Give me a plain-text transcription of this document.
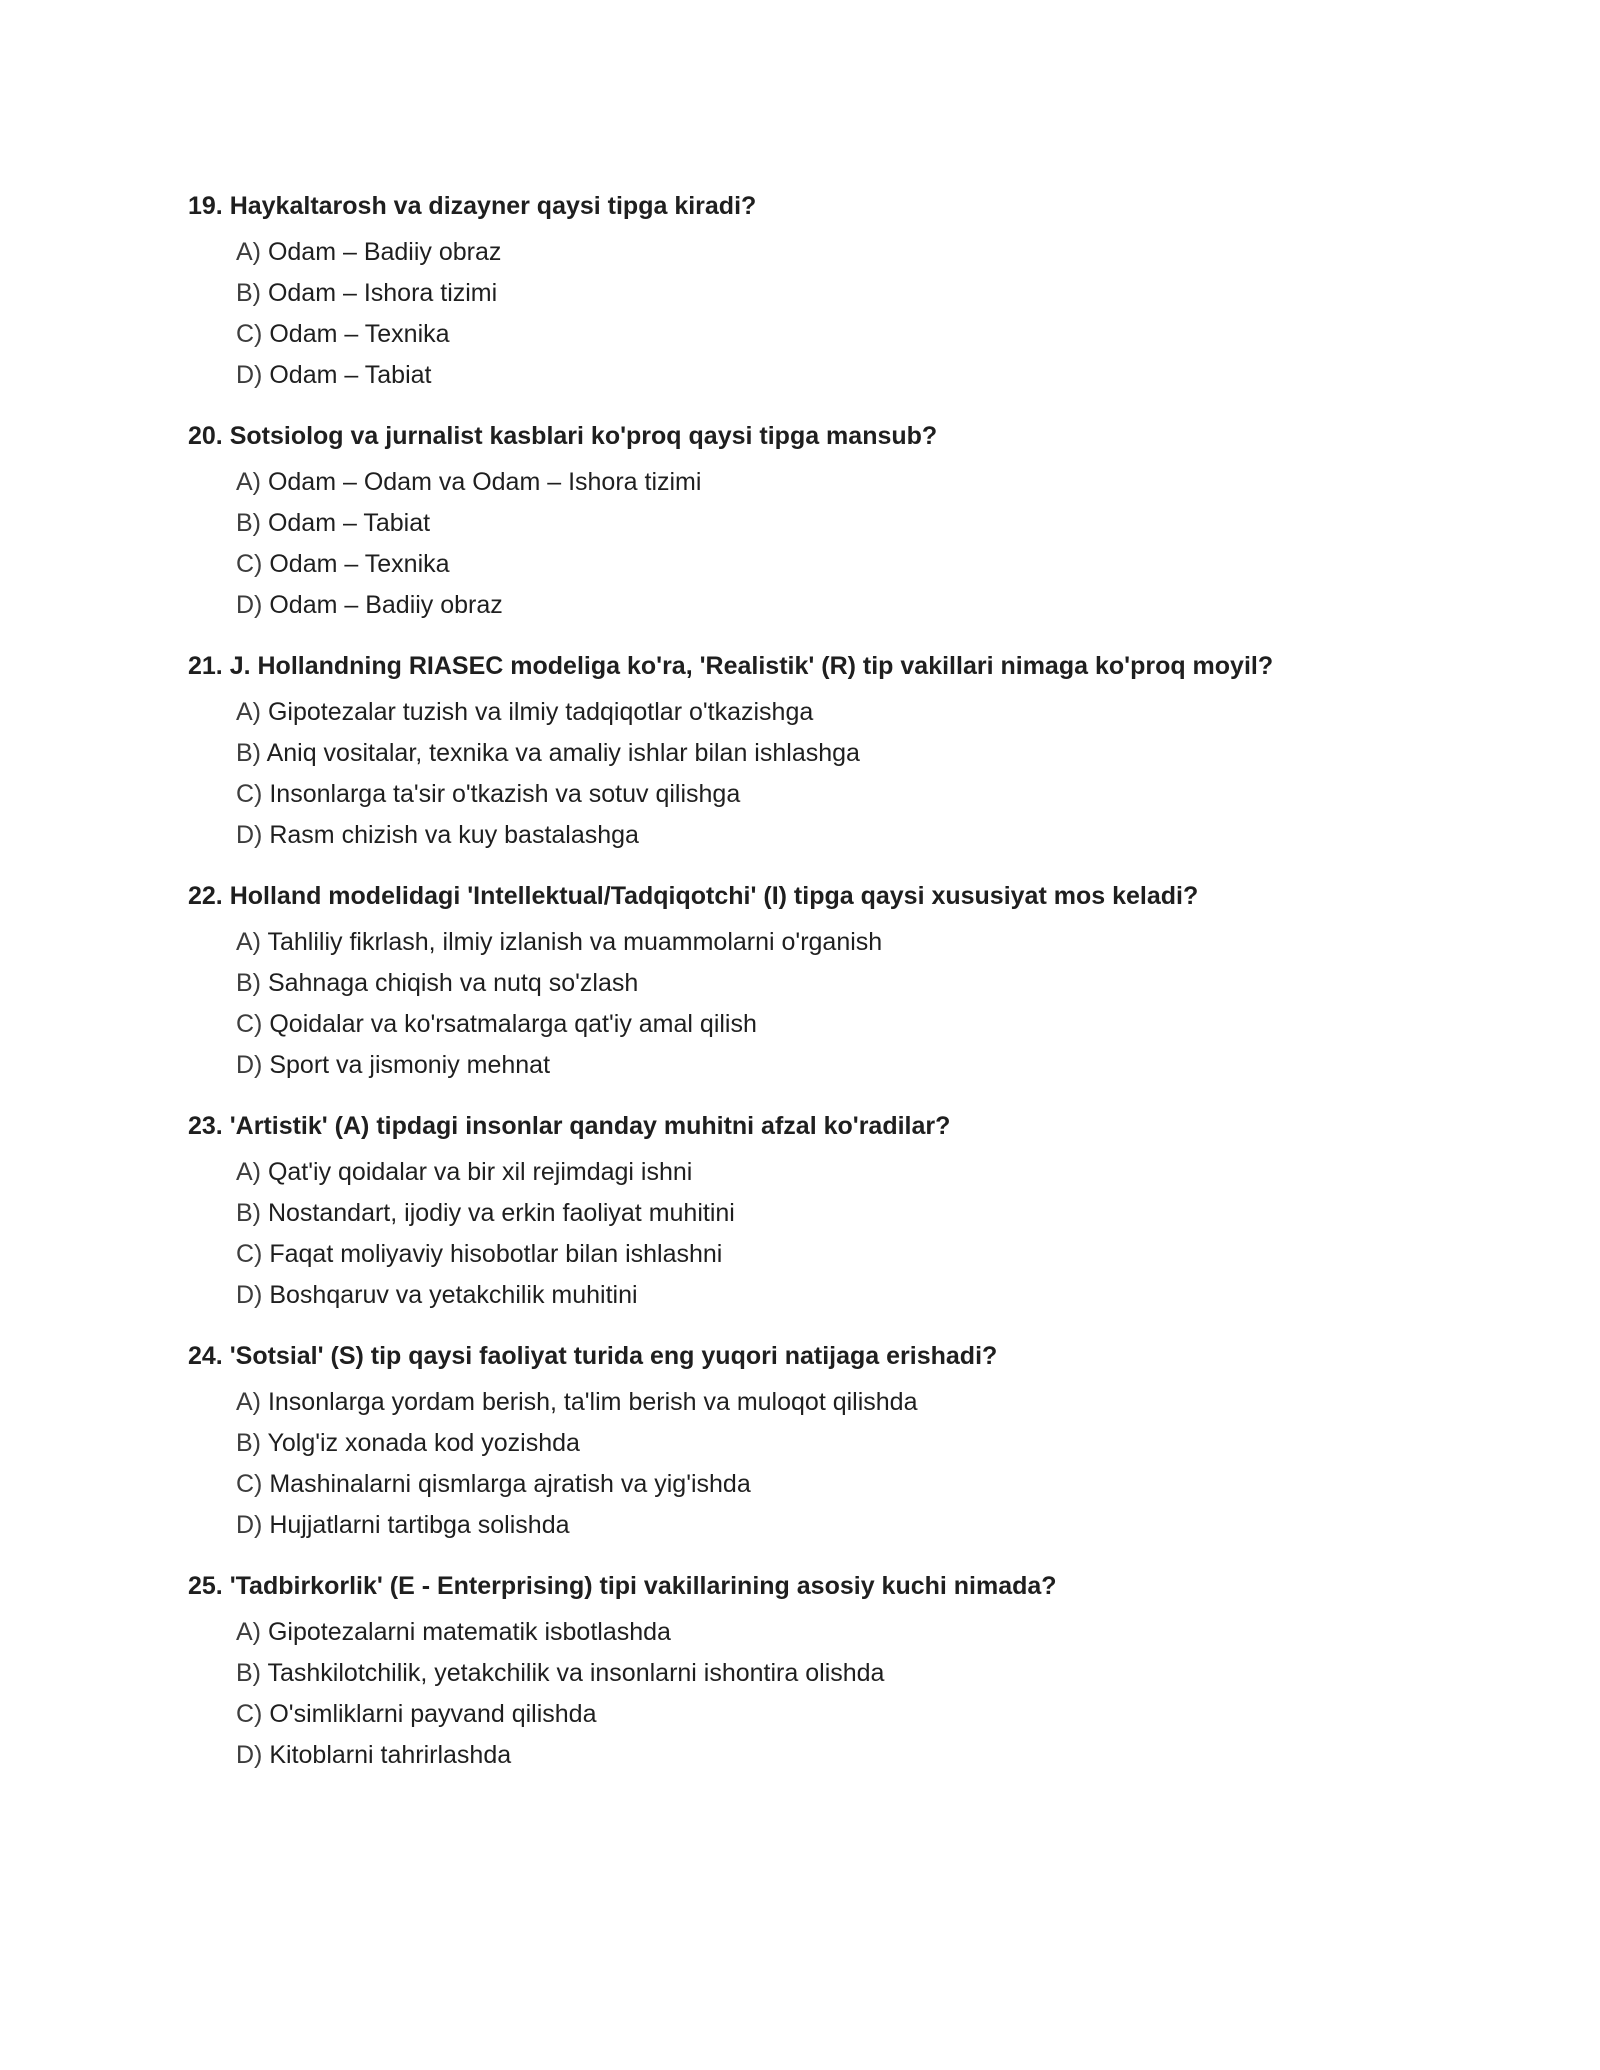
19. Haykaltarosh va dizayner qaysi tipga kiradi?

A) Odam – Badiiy obraz
B) Odam – Ishora tizimi
C) Odam – Texnika
D) Odam – Tabiat

20. Sotsiolog va jurnalist kasblari ko'proq qaysi tipga mansub?

A) Odam – Odam va Odam – Ishora tizimi
B) Odam – Tabiat
C) Odam – Texnika
D) Odam – Badiiy obraz

21. J. Hollandning RIASEC modeliga ko'ra, 'Realistik' (R) tip vakillari nimaga ko'proq moyil?

A) Gipotezalar tuzish va ilmiy tadqiqotlar o'tkazishga
B) Aniq vositalar, texnika va amaliy ishlar bilan ishlashga
C) Insonlarga ta'sir o'tkazish va sotuv qilishga
D) Rasm chizish va kuy bastalashga

22. Holland modelidagi 'Intellektual/Tadqiqotchi' (I) tipga qaysi xususiyat mos keladi?

A) Tahliliy fikrlash, ilmiy izlanish va muammolarni o'rganish
B) Sahnaga chiqish va nutq so'zlash
C) Qoidalar va ko'rsatmalarga qat'iy amal qilish
D) Sport va jismoniy mehnat

23. 'Artistik' (A) tipdagi insonlar qanday muhitni afzal ko'radilar?

A) Qat'iy qoidalar va bir xil rejimdagi ishni
B) Nostandart, ijodiy va erkin faoliyat muhitini
C) Faqat moliyaviy hisobotlar bilan ishlashni
D) Boshqaruv va yetakchilik muhitini

24. 'Sotsial' (S) tip qaysi faoliyat turida eng yuqori natijaga erishadi?

A) Insonlarga yordam berish, ta'lim berish va muloqot qilishda
B) Yolg'iz xonada kod yozishda
C) Mashinalarni qismlarga ajratish va yig'ishda
D) Hujjatlarni tartibga solishda

25. 'Tadbirkorlik' (E - Enterprising) tipi vakillarining asosiy kuchi nimada?

A) Gipotezalarni matematik isbotlashda
B) Tashkilotchilik, yetakchilik va insonlarni ishontira olishda
C) O'simliklarni payvand qilishda
D) Kitoblarni tahrirlashda
